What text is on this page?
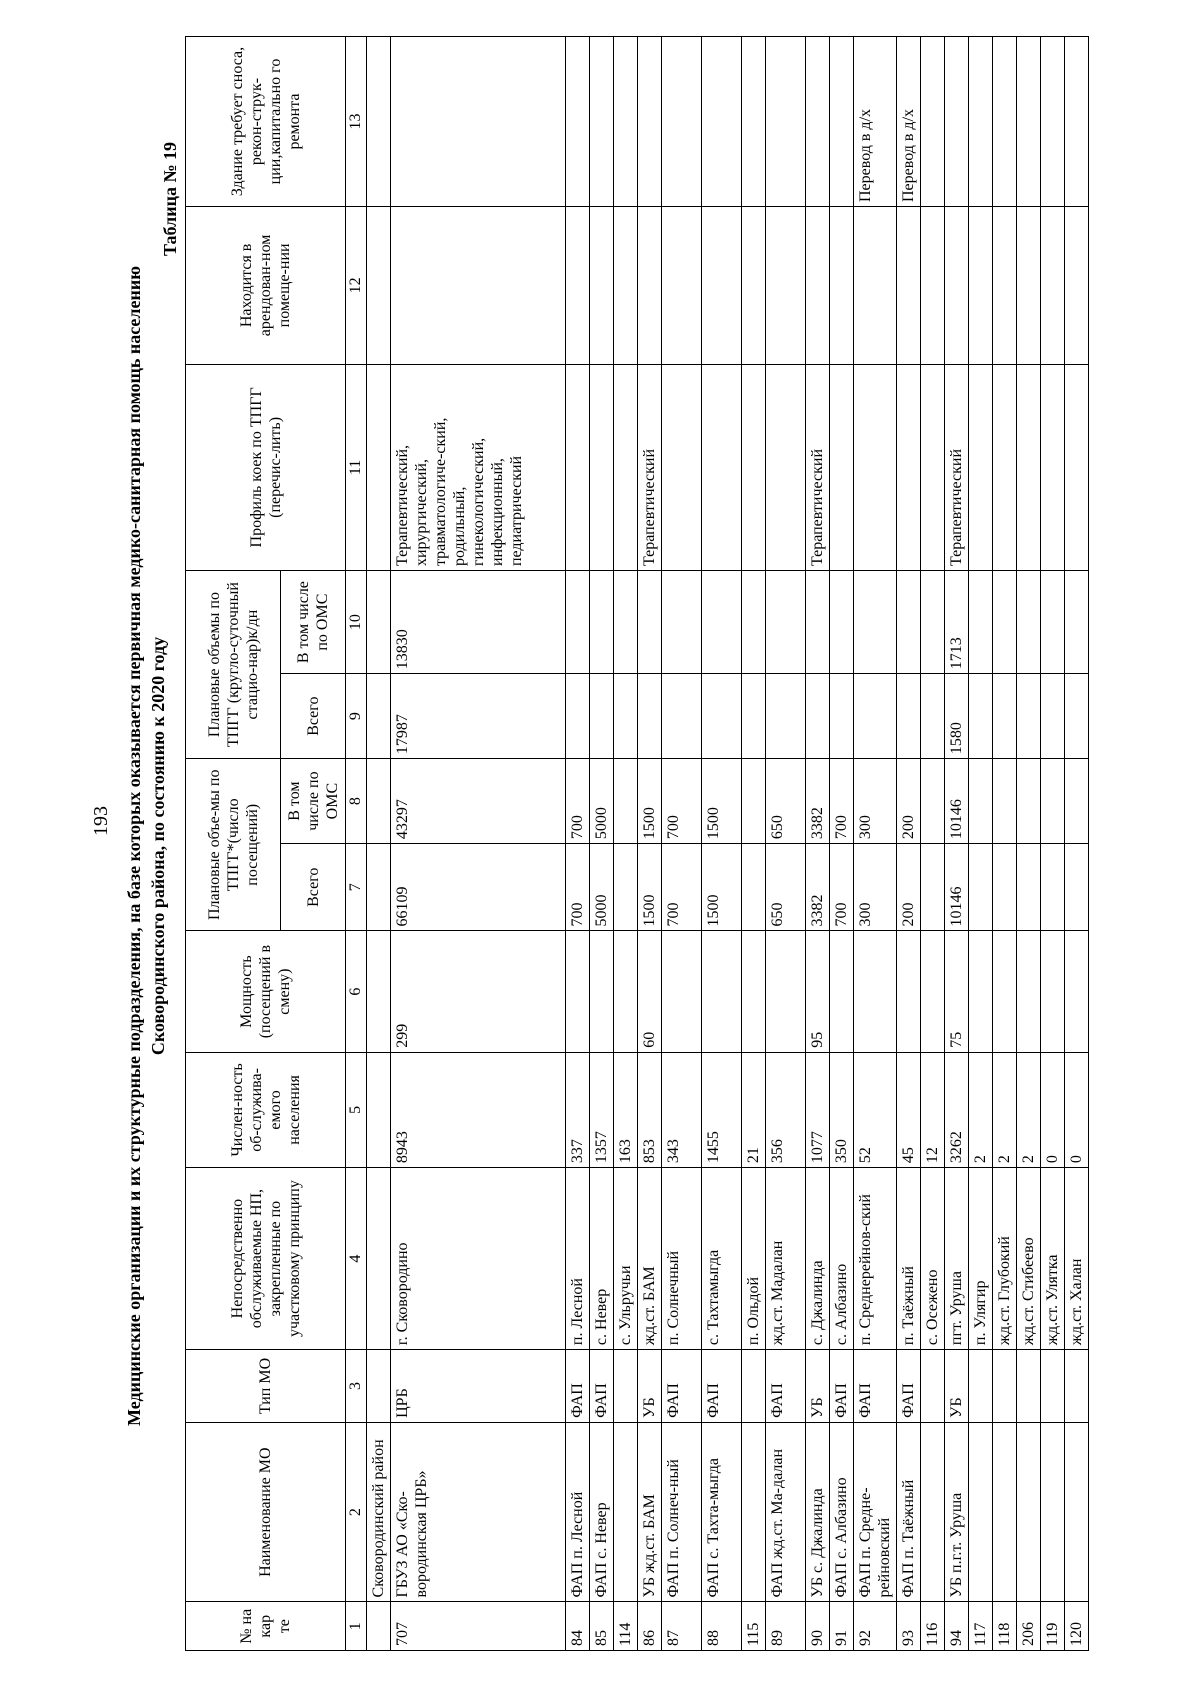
193 Медицинские организации и их структурные подразделения, на базе которых оказывается первичная медико-санитарная помощь населению Сковородинского района, по состоянию к 2020 году
Таблица № 19
№ на кар те	Наименование МО	Тип МО	Непосредственно обслуживаемые НП, закрепленные по участковому принципу	Числен-ность об-служива-емого населения	Мощность (посещений в смену)	Плановые объе-мы по ТПГГ*(число посещений)		Плановые объемы по ТПГГ (кругло-суточный стацио-нар)к/дн		Профиль коек по ТПГГ (перечис-лить)	Находится в арендован-ном помеще-нии	Здание требует сноса, рекон-струк-ции,капитально го ремонта
						Всего	В том числе по ОМС	Всего	В том числе по ОМС			
1	2	3	4	5	6	7	8	9	10	11	12	13
	Сковородинский район											
707	ГБУЗ АО «Ско-вородинская ЦРБ»	ЦРБ	г. Сковородино	8943	299	66109	43297	17987	13830	Терапевтический, хирургический, травматологиче-ский, родильный, гинекологический, инфекционный, педиатрический		
84	ФАП п. Лесной	ФАП	п. Лесной	337		700	700					
85	ФАП с. Невер	ФАП	с. Невер	1357		5000	5000					
114			с. Ульручьи	163								
86	УБ жд.ст. БАМ	УБ	жд.ст. БАМ	853	60	1500	1500			Терапевтический		
87	ФАП п. Солнеч-ный	ФАП	п. Солнечный	343		700	700					
88	ФАП с. Тахта-мыгда	ФАП	с. Тахтамыгда	1455		1500	1500					
115			п. Ольдой	21								
89	ФАП жд.ст. Ма-далан	ФАП	жд.ст. Мадалан	356		650	650					
90	УБ с. Джалинда	УБ	с. Джалинда	1077	95	3382	3382			Терапевтический		
91	ФАП с. Албазино	ФАП	с. Албазино	350		700	700					
92	ФАП п. Средне-рейновский	ФАП	п. Среднерейнов-ский	52		300	300					Перевод в д/х
93	ФАП п. Таёжный	ФАП	п. Таёжный	45		200	200					Перевод в д/х
116			с. Осежено	12								
94	УБ п.г.т. Уруша	УБ	пгт. Уруша	3262	75	10146	10146	1580	1713	Терапевтический		
117			п. Улягир	2								
118			жд.ст. Глубокий	2								
206			жд.ст. Стибеево	2								
119			жд.ст. Улятка	0								
120			жд.ст. Халан	0								
